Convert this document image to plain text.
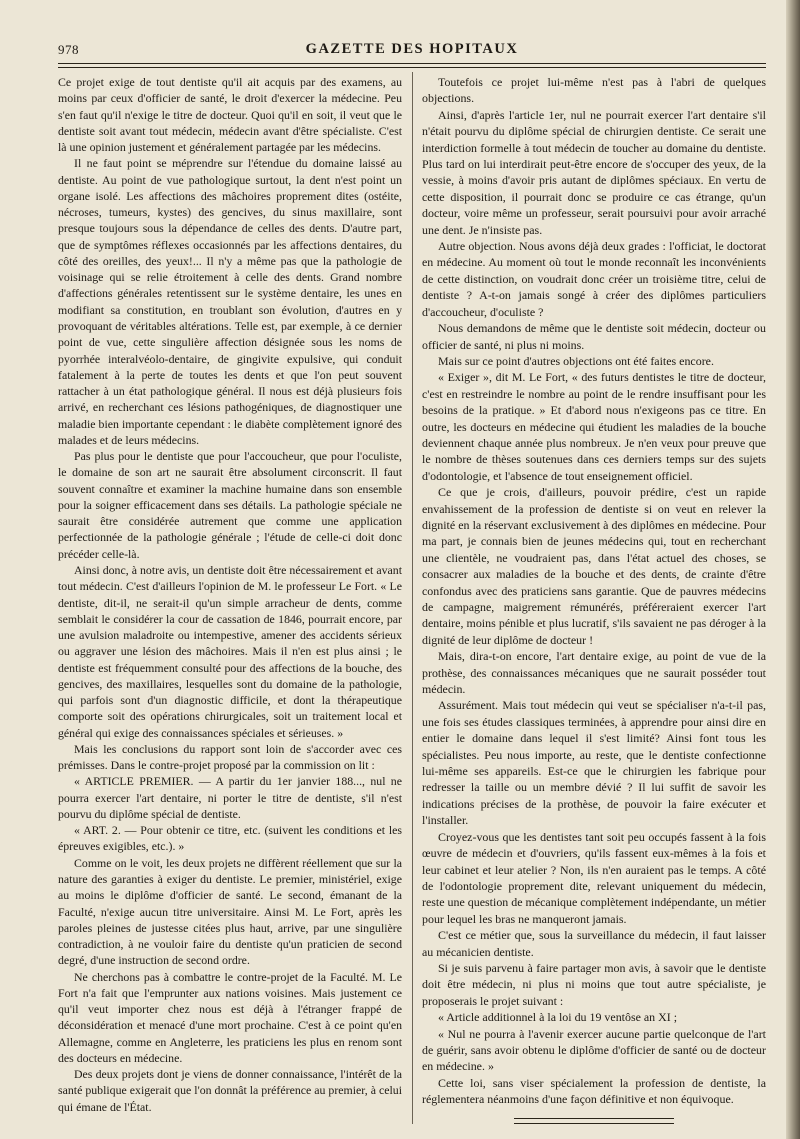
978	GAZETTE DES HOPITAUX

Ce projet exige de tout dentiste qu'il ait acquis par des examens, au moins par ceux d'officier de santé, le droit d'exercer la médecine. Peu s'en faut qu'il n'exige le titre de docteur. Quoi qu'il en soit, il veut que le dentiste soit avant tout médecin, médecin avant d'être spécialiste. C'est là une opinion justement et généralement partagée par les médecins.

Il ne faut point se méprendre sur l'étendue du domaine laissé au dentiste. Au point de vue pathologique surtout, la dent n'est point un organe isolé. Les affections des mâchoires proprement dites (ostéite, nécroses, tumeurs, kystes) des gencives, du sinus maxillaire, sont presque toujours sous la dépendance de celles des dents. D'autre part, que de symptômes réflexes occasionnés par les affections dentaires, du côté des oreilles, des yeux!... Il n'y a même pas que la pathologie de voisinage qui se relie étroitement à celle des dents. Grand nombre d'affections générales retentissent sur le système dentaire, les unes en modifiant sa constitution, en troublant son évolution, d'autres en y provoquant de véritables altérations. Telle est, par exemple, à ce dernier point de vue, cette singulière affection désignée sous les noms de pyorrhée interalvéolo-dentaire, de gingivite expulsive, qui conduit fatalement à la perte de toutes les dents et que l'on peut souvent rattacher à un état pathologique général. Il nous est déjà plusieurs fois arrivé, en recherchant ces lésions pathogéniques, de diagnostiquer une maladie bien importante cependant : le diabète complètement ignoré des malades et de leurs médecins.

Pas plus pour le dentiste que pour l'accoucheur, que pour l'oculiste, le domaine de son art ne saurait être absolument circonscrit. Il faut souvent connaître et examiner la machine humaine dans son ensemble pour la soigner efficacement dans ses détails. La pathologie spéciale ne saurait être considérée autrement que comme une application perfectionnée de la pathologie générale ; l'étude de celle-ci doit donc précéder celle-là.

Ainsi donc, à notre avis, un dentiste doit être nécessairement et avant tout médecin. C'est d'ailleurs l'opinion de M. le professeur Le Fort. « Le dentiste, dit-il, ne serait-il qu'un simple arracheur de dents, comme semblait le considérer la cour de cassation de 1846, pourrait encore, par une avulsion maladroite ou intempestive, amener des accidents sérieux ou aggraver une lésion des mâchoires. Mais il n'en est plus ainsi ; le dentiste est fréquemment consulté pour des affections de la bouche, des gencives, des maxillaires, lesquelles sont du domaine de la pathologie, qui parfois sont d'un diagnostic difficile, et dont la thérapeutique comporte soit des opérations chirurgicales, soit un traitement local et général qui exige des connaissances spéciales et sérieuses. »

Mais les conclusions du rapport sont loin de s'accorder avec ces prémisses. Dans le contre-projet proposé par la commission on lit :

« ARTICLE PREMIER. — A partir du 1er janvier 188..., nul ne pourra exercer l'art dentaire, ni porter le titre de dentiste, s'il n'est pourvu du diplôme spécial de dentiste.

« ART. 2. — Pour obtenir ce titre, etc. (suivent les conditions et les épreuves exigibles, etc.). »

Comme on le voit, les deux projets ne diffèrent réellement que sur la nature des garanties à exiger du dentiste. Le premier, ministériel, exige au moins le diplôme d'officier de santé. Le second, émanant de la Faculté, n'exige aucun titre universitaire. Ainsi M. Le Fort, après les paroles pleines de justesse citées plus haut, arrive, par une singulière contradiction, à ne vouloir faire du dentiste qu'un praticien de second degré, d'une instruction de second ordre.

Ne cherchons pas à combattre le contre-projet de la Faculté. M. Le Fort n'a fait que l'emprunter aux nations voisines. Mais justement ce qu'il veut importer chez nous est déjà à l'étranger frappé de déconsidération et menacé d'une mort prochaine. C'est à ce point qu'en Allemagne, comme en Angleterre, les praticiens les plus en renom sont des docteurs en médecine.

Des deux projets dont je viens de donner connaissance, l'intérêt de la santé publique exigerait que l'on donnât la préférence au premier, à celui qui émane de l'État.

Toutefois ce projet lui-même n'est pas à l'abri de quelques objections.

Ainsi, d'après l'article 1er, nul ne pourrait exercer l'art dentaire s'il n'était pourvu du diplôme spécial de chirurgien dentiste. Ce serait une interdiction formelle à tout médecin de toucher au domaine du dentiste. Plus tard on lui interdirait peut-être encore de s'occuper des yeux, de la vessie, à moins d'avoir pris autant de diplômes spéciaux. En vertu de cette disposition, il pourrait donc se produire ce cas étrange, qu'un docteur, voire même un professeur, serait poursuivi pour avoir arraché une dent. Je n'insiste pas.

Autre objection. Nous avons déjà deux grades : l'officiat, le doctorat en médecine. Au moment où tout le monde reconnaît les inconvénients de cette distinction, on voudrait donc créer un troisième titre, celui de dentiste ? A-t-on jamais songé à créer des diplômes particuliers d'accoucheur, d'oculiste ?

Nous demandons de même que le dentiste soit médecin, docteur ou officier de santé, ni plus ni moins.

Mais sur ce point d'autres objections ont été faites encore.

« Exiger », dit M. Le Fort, « des futurs dentistes le titre de docteur, c'est en restreindre le nombre au point de le rendre insuffisant pour les besoins de la pratique. » Et d'abord nous n'exigeons pas ce titre. En outre, les docteurs en médecine qui étudient les maladies de la bouche deviennent chaque année plus nombreux. Je n'en veux pour preuve que le nombre de thèses soutenues dans ces derniers temps sur des sujets d'odontologie, et l'absence de tout enseignement officiel.

Ce que je crois, d'ailleurs, pouvoir prédire, c'est un rapide envahissement de la profession de dentiste si on veut en relever la dignité en la réservant exclusivement à des diplômes en médecine. Pour ma part, je connais bien de jeunes médecins qui, tout en recherchant une clientèle, ne voudraient pas, dans l'état actuel des choses, se consacrer aux maladies de la bouche et des dents, de crainte d'être confondus avec des praticiens sans garantie. Que de pauvres médecins de campagne, maigrement rémunérés, préféreraient exercer l'art dentaire, moins pénible et plus lucratif, s'ils savaient ne pas déroger à la dignité de leur diplôme de docteur !

Mais, dira-t-on encore, l'art dentaire exige, au point de vue de la prothèse, des connaissances mécaniques que ne saurait posséder tout médecin.

Assurément. Mais tout médecin qui veut se spécialiser n'a-t-il pas, une fois ses études classiques terminées, à apprendre pour ainsi dire en entier le domaine dans lequel il s'est limité? Ainsi font tous les spécialistes. Peu nous importe, au reste, que le dentiste confectionne lui-même ses appareils. Est-ce que le chirurgien les fabrique pour redresser la taille ou un membre dévié ? Il lui suffit de savoir les indications précises de la prothèse, de pouvoir la faire exécuter et l'installer.

Croyez-vous que les dentistes tant soit peu occupés fassent à la fois œuvre de médecin et d'ouvriers, qu'ils fassent eux-mêmes à la fois et leur cabinet et leur atelier ? Non, ils n'en auraient pas le temps. A côté de l'odontologie proprement dite, relevant uniquement du médecin, reste une question de mécanique complètement indépendante, un métier pour lequel les bras ne manqueront jamais.

C'est ce métier que, sous la surveillance du médecin, il faut laisser au mécanicien dentiste.

Si je suis parvenu à faire partager mon avis, à savoir que le dentiste doit être médecin, ni plus ni moins que tout autre spécialiste, je proposerais le projet suivant :

« Article additionnel à la loi du 19 ventôse an XI ;

« Nul ne pourra à l'avenir exercer aucune partie quelconque de l'art de guérir, sans avoir obtenu le diplôme d'officier de santé ou de docteur en médecine. »

Cette loi, sans viser spécialement la profession de dentiste, la réglementera néanmoins d'une façon définitive et non équivoque.
